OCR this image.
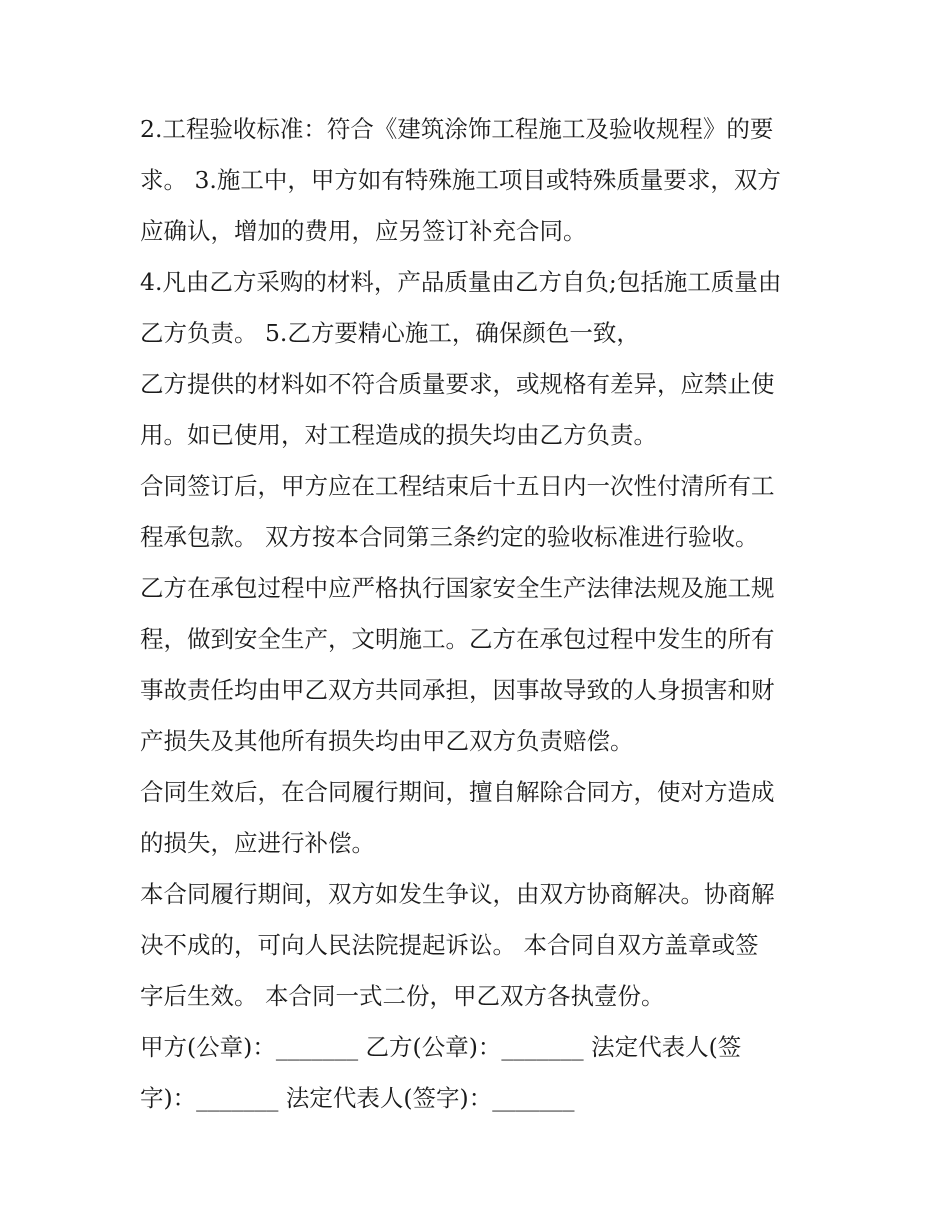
2.工程验收标准：符合《建筑涂饰工程施工及验收规程》的要
求。 3.施工中，甲方如有特殊施工项目或特殊质量要求，双方
应确认，增加的费用，应另签订补充合同。
4.凡由乙方采购的材料，产品质量由乙方自负;包括施工质量由
乙方负责。 5.乙方要精心施工，确保颜色一致，
乙方提供的材料如不符合质量要求，或规格有差异，应禁止使
用。如已使用，对工程造成的损失均由乙方负责。
合同签订后，甲方应在工程结束后十五日内一次性付清所有工
程承包款。 双方按本合同第三条约定的验收标准进行验收。
乙方在承包过程中应严格执行国家安全生产法律法规及施工规
程，做到安全生产，文明施工。乙方在承包过程中发生的所有
事故责任均由甲乙双方共同承担，因事故导致的人身损害和财
产损失及其他所有损失均由甲乙双方负责赔偿。
合同生效后，在合同履行期间，擅自解除合同方，使对方造成
的损失，应进行补偿。
本合同履行期间，双方如发生争议，由双方协商解决。协商解
决不成的，可向人民法院提起诉讼。 本合同自双方盖章或签
字后生效。 本合同一式二份，甲乙双方各执壹份。
甲方(公章)：_______ 乙方(公章)：_______ 法定代表人(签
字)：_______ 法定代表人(签字)：_______
